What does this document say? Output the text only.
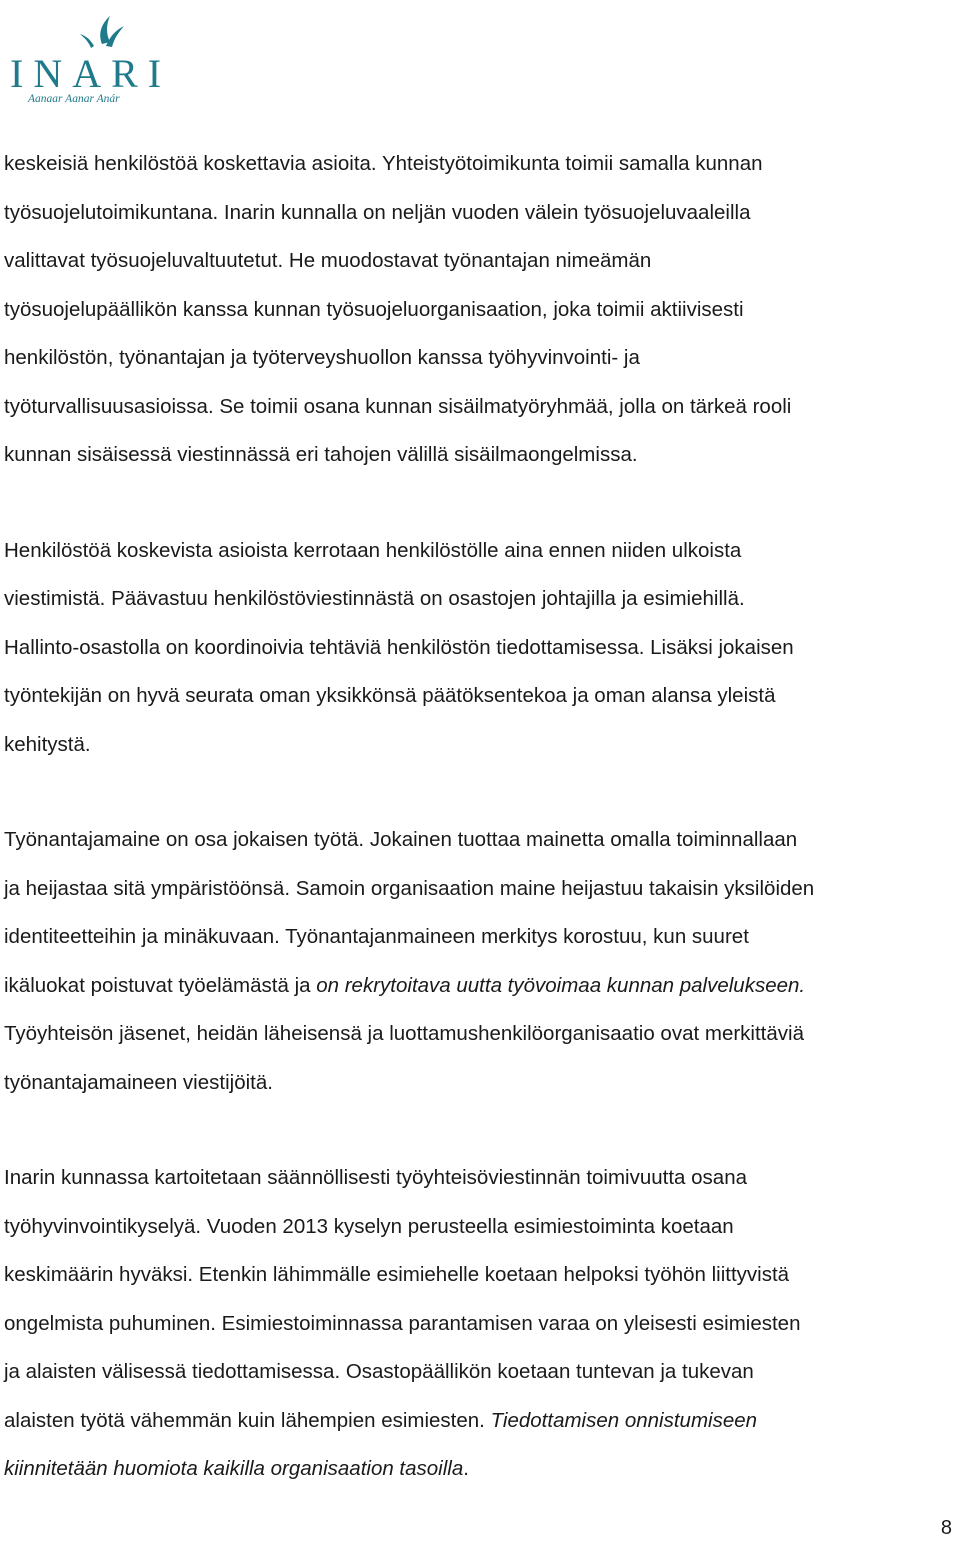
INARI
Aanaar Aanar Anár
keskeisiä henkilöstöä koskettavia asioita. Yhteistyötoimikunta toimii samalla kunnan
työsuojelutoimikuntana. Inarin kunnalla on neljän vuoden välein työsuojeluvaaleilla
valittavat työsuojeluvaltuutetut. He muodostavat työnantajan nimeämän
työsuojelupäällikön kanssa kunnan työsuojeluorganisaation, joka toimii aktiivisesti
henkilöstön, työnantajan ja työterveyshuollon kanssa työhyvinvointi- ja
työturvallisuusasioissa. Se toimii osana kunnan sisäilmatyöryhmää, jolla on tärkeä rooli
kunnan sisäisessä viestinnässä eri tahojen välillä sisäilmaongelmissa.
Henkilöstöä koskevista asioista kerrotaan henkilöstölle aina ennen niiden ulkoista
viestimistä. Päävastuu henkilöstöviestinnästä on osastojen johtajilla ja esimiehillä.
Hallinto-osastolla on koordinoivia tehtäviä henkilöstön tiedottamisessa. Lisäksi jokaisen
työntekijän on hyvä seurata oman yksikkönsä päätöksentekoa ja oman alansa yleistä
kehitystä.
Työnantajamaine on osa jokaisen työtä. Jokainen tuottaa mainetta omalla toiminnallaan
ja heijastaa sitä ympäristöönsä. Samoin organisaation maine heijastuu takaisin yksilöiden
identiteetteihin ja minäkuvaan. Työnantajanmaineen merkitys korostuu, kun suuret
ikäluokat poistuvat työelämästä ja on rekrytoitava uutta työvoimaa kunnan palvelukseen.
Työyhteisön jäsenet, heidän läheisensä ja luottamushenkilöorganisaatio ovat merkittäviä
työnantajamaineen viestijöitä.
Inarin kunnassa kartoitetaan säännöllisesti työyhteisöviestinnän toimivuutta osana
työhyvinvointikyselyä. Vuoden 2013 kyselyn perusteella esimiestoiminta koetaan
keskimäärin hyväksi. Etenkin lähimmälle esimiehelle koetaan helpoksi työhön liittyvistä
ongelmista puhuminen. Esimiestoiminnassa parantamisen varaa on yleisesti esimiesten
ja alaisten välisessä tiedottamisessa. Osastopäällikön koetaan tuntevan ja tukevan
alaisten työtä vähemmän kuin lähempien esimiesten. Tiedottamisen onnistumiseen
kiinnitetään huomiota kaikilla organisaation tasoilla.
8
